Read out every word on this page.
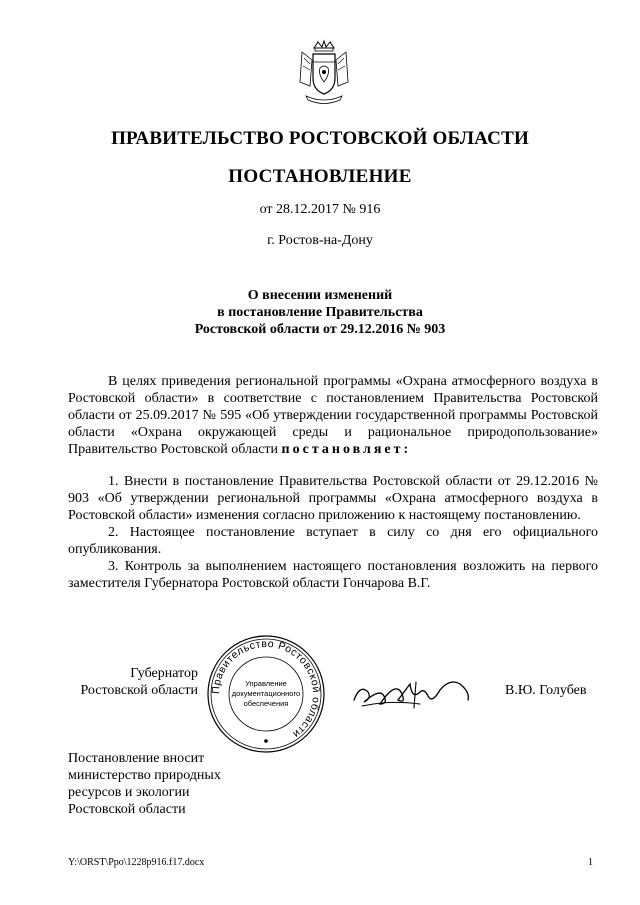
ПРАВИТЕЛЬСТВО РОСТОВСКОЙ ОБЛАСТИ
ПОСТАНОВЛЕНИЕ
от 28.12.2017 № 916
г. Ростов-на-Дону
О внесении изменений
в постановление Правительства
Ростовской области от 29.12.2016 № 903

В целях приведения региональной программы «Охрана атмосферного воздуха в Ростовской области» в соответствие с постановлением Правительства Ростовской области от 25.09.2017 № 595 «Об утверждении государственной программы Ростовской области «Охрана окружающей среды и рациональное природопользование» Правительство Ростовской области постановляет:

1. Внести в постановление Правительства Ростовской области от 29.12.2016 № 903 «Об утверждении региональной программы «Охрана атмосферного воздуха в Ростовской области» изменения согласно приложению к настоящему постановлению.

2. Настоящее постановление вступает в силу со дня его официального опубликования.

3. Контроль за выполнением настоящего постановления возложить на первого заместителя Губернатора Ростовской области Гончарова В.Г.

Губернатор
Ростовской области Правительство Ростовской области
Управление
документационного
обеспечения
В.Ю. Голубев
Постановление вносит
министерство природных
ресурсов и экологии
Ростовской области
Y:\ORST\Ppo\1228p916.f17.docx	1
